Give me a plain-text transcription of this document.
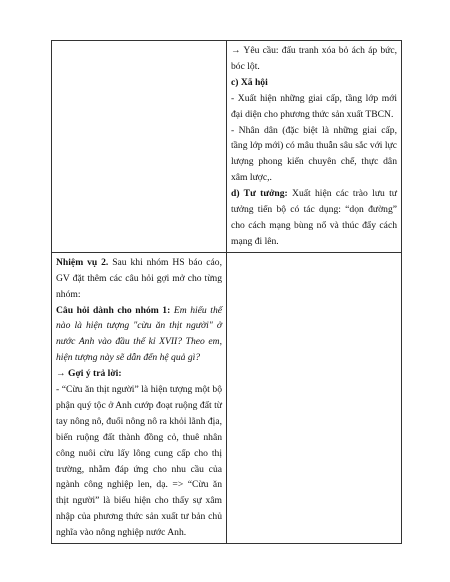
	→ Yêu cầu: đấu tranh xóa bỏ ách áp bức, bóc lột.
c) Xã hội
- Xuất hiện những giai cấp, tầng lớp mới đại diện cho phương thức sản xuất TBCN.
- Nhân dân (đặc biệt là những giai cấp, tầng lớp mới) có mâu thuẫn sâu sắc với lực lượng phong kiến chuyên chế, thực dân xâm lược,.
d) Tư tưởng: Xuất hiện các trào lưu tư tưởng tiến bộ có tác dụng: “dọn đường” cho cách mạng bùng nổ và thúc đẩy cách mạng đi lên.

Nhiệm vụ 2. Sau khi nhóm HS báo cáo, GV đặt thêm các câu hỏi gợi mở cho từng nhóm:
Câu hỏi dành cho nhóm 1: Em hiểu thế nào là hiện tượng "cừu ăn thịt người" ở nước Anh vào đầu thế kỉ XVII? Theo em, hiện tượng này sẽ dẫn đến hệ quả gì?
→ Gợi ý trả lời:
- “Cừu ăn thịt người” là hiện tượng một bộ phận quý tộc ở Anh cướp đoạt ruộng đất từ tay nông nô, đuổi nông nô ra khỏi lãnh địa, biến ruộng đất thành đồng cỏ, thuê nhân công nuôi cừu lấy lông cung cấp cho thị trường, nhằm đáp ứng cho nhu cầu của ngành công nghiệp len, dạ. => “Cừu ăn thịt người” là biểu hiện cho thấy sự xâm nhập của phương thức sản xuất tư bản chủ nghĩa vào nông nghiệp nước Anh.	
